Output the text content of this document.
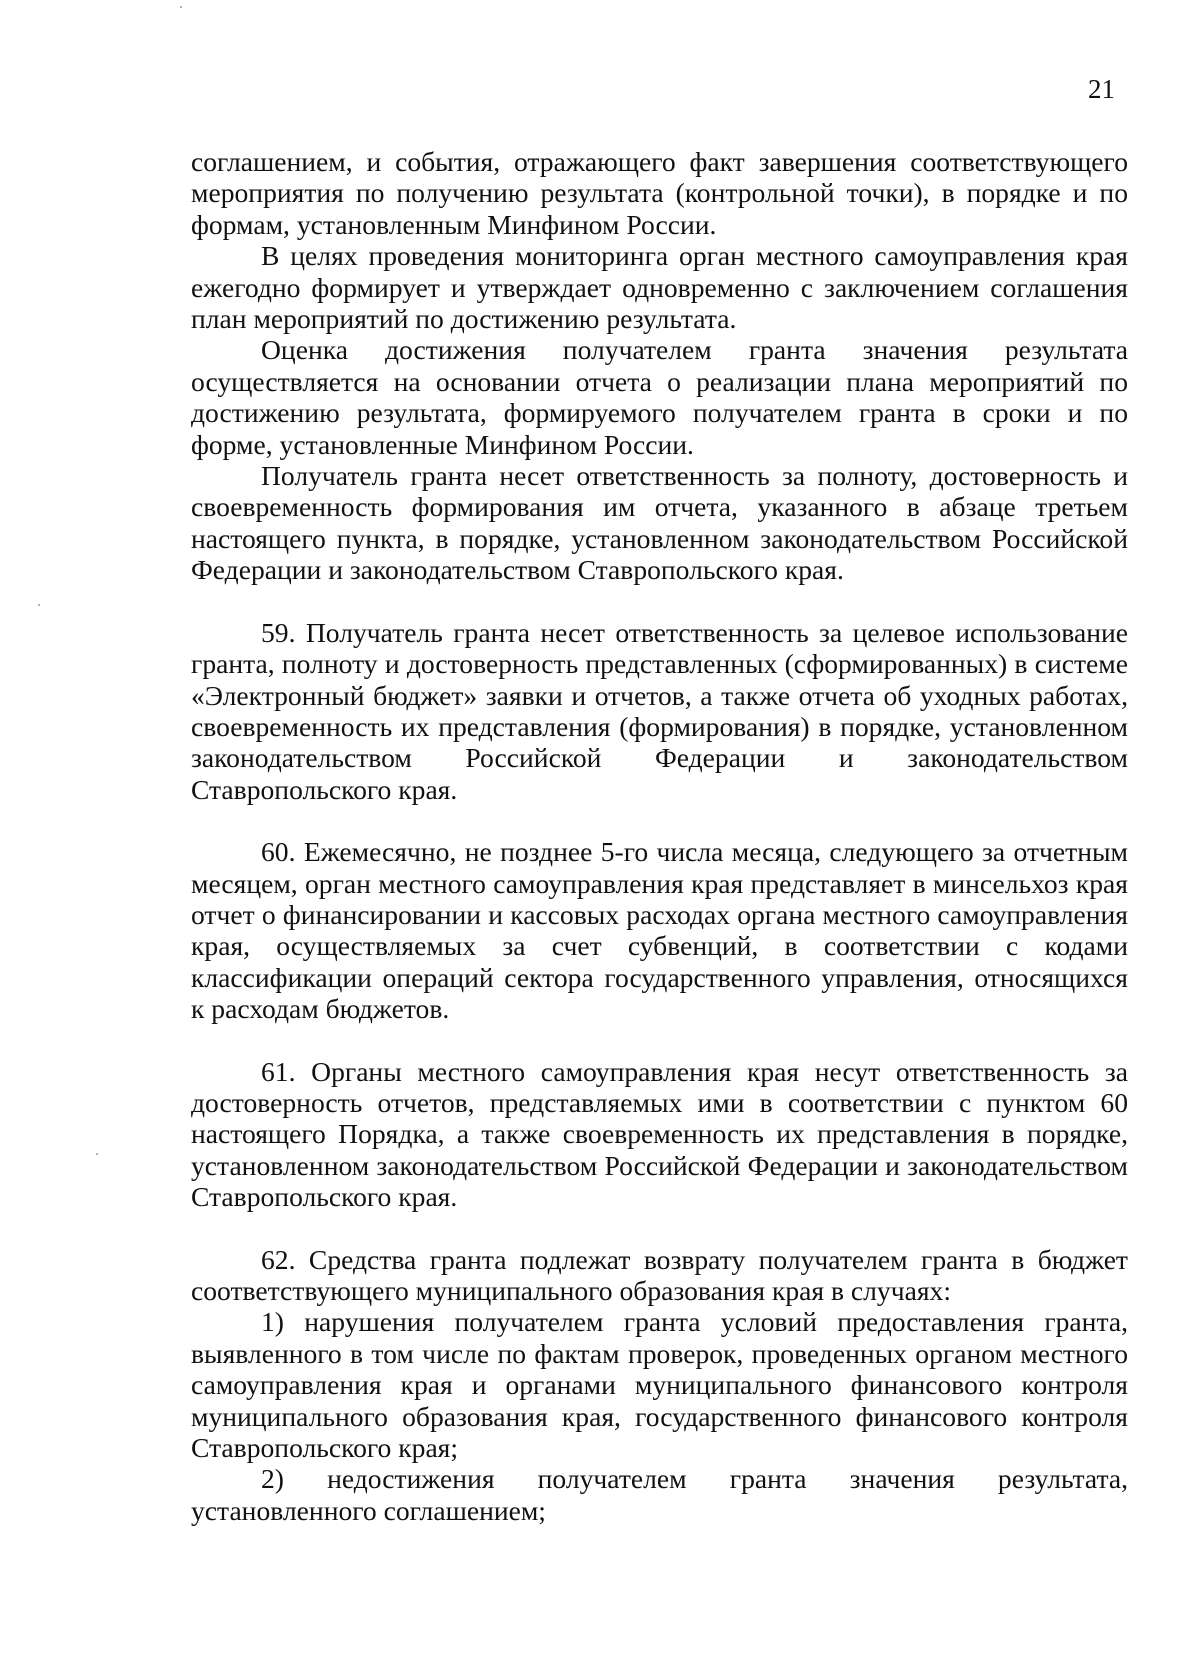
21

соглашением, и события, отражающего факт завершения соответствующего мероприятия по получению результата (контрольной точки), в порядке и по формам, установленным Минфином России.

В целях проведения мониторинга орган местного самоуправления края ежегодно формирует и утверждает одновременно с заключением соглашения план мероприятий по достижению результата.

Оценка достижения получателем гранта значения результата осуществляется на основании отчета о реализации плана мероприятий по достижению результата, формируемого получателем гранта в сроки и по форме, установленные Минфином России.

Получатель гранта несет ответственность за полноту, достоверность и своевременность формирования им отчета, указанного в абзаце третьем настоящего пункта, в порядке, установленном законодательством Российской Федерации и законодательством Ставропольского края.

59. Получатель гранта несет ответственность за целевое использование гранта, полноту и достоверность представленных (сформированных) в системе «Электронный бюджет» заявки и отчетов, а также отчета об уходных работах, своевременность их представления (формирования) в порядке, установленном законодательством Российской Федерации и законодательством Ставропольского края.

60. Ежемесячно, не позднее 5-го числа месяца, следующего за отчетным месяцем, орган местного самоуправления края представляет в минсельхоз края отчет о финансировании и кассовых расходах органа местного самоуправления края, осуществляемых за счет субвенций, в соответствии с кодами классификации операций сектора государственного управления, относящихся к расходам бюджетов.

61. Органы местного самоуправления края несут ответственность за достоверность отчетов, представляемых ими в соответствии с пунктом 60 настоящего Порядка, а также своевременность их представления в порядке, установленном законодательством Российской Федерации и законодательством Ставропольского края.

62. Средства гранта подлежат возврату получателем гранта в бюджет соответствующего муниципального образования края в случаях:

1) нарушения получателем гранта условий предоставления гранта, выявленного в том числе по фактам проверок, проведенных органом местного самоуправления края и органами муниципального финансового контроля муниципального образования края, государственного финансового контроля Ставропольского края;

2) недостижения получателем гранта значения результата, установленного соглашением;
